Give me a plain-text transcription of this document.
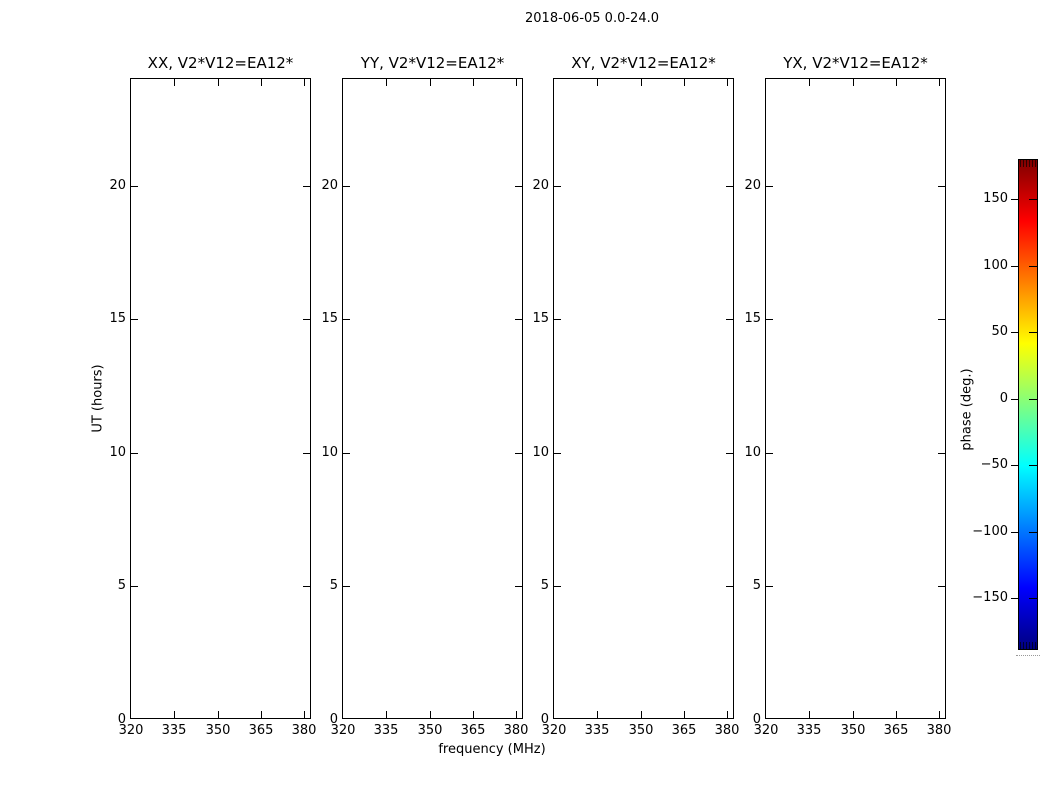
2018-06-05 0.0-24.0
XX, V2*V12=EA12*
20
15
10
5
0
320	335	350	365	380
YY, V2*V12=EA12*
20
15
10
5
0
320	335	350	365	380
XY, V2*V12=EA12*
20
15
10
5
0
320	335	350	365	380
YX, V2*V12=EA12*
20
15
10
5
0
320	335	350	365	380
UT (hours)
frequency (MHz)
150
100
50
0
−50
−100
−150
phase (deg.)
